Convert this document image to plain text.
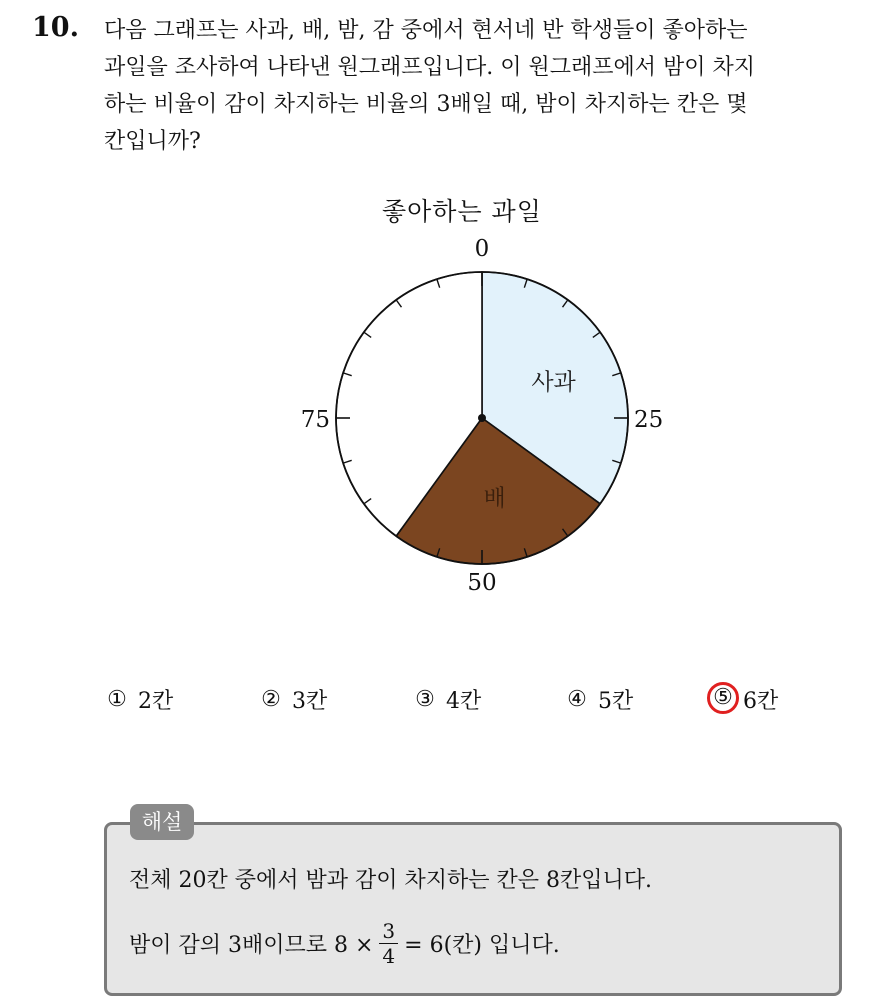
10. 다음 그래프는 사과, 배, 밤, 감 중에서 현서네 반 학생들이 좋아하는
과일을 조사하여 나타낸 원그래프입니다. 이 원그래프에서 밤이 차지
하는 비율이 감이 차지하는 비율의 3배일 때, 밤이 차지하는 칸은 몇
칸입니까?
좋아하는 과일
0
25
50
75
사과
배
① 2칸	② 3칸	③ 4칸	④ 5칸	⑤ 6칸
해설
전체 20칸 중에서 밤과 감이 차지하는 칸은 8칸입니다.
밤이 감의 3배이므로 $8 \times \frac{3}{4} = 6$(칸) 입니다.
